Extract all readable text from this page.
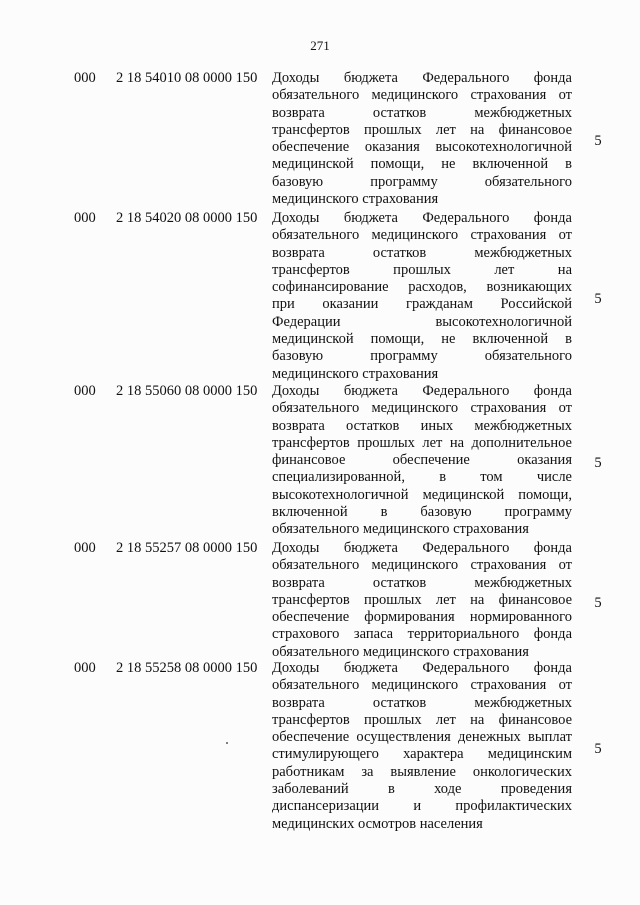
271
000 2 18 54010 08 0000 150 Доходы бюджета Федерального фонда
обязательного медицинского страхования от
возврата остатков межбюджетных
трансфертов прошлых лет на финансовое
обеспечение оказания высокотехнологичной
медицинской помощи, не включенной в
базовую программу обязательного
медицинского страхования
5
000 2 18 54020 08 0000 150 Доходы бюджета Федерального фонда
обязательного медицинского страхования от
возврата остатков межбюджетных
трансфертов прошлых лет на
софинансирование расходов, возникающих
при оказании гражданам Российской
Федерации высокотехнологичной
медицинской помощи, не включенной в
базовую программу обязательного
медицинского страхования
5
000 2 18 55060 08 0000 150 Доходы бюджета Федерального фонда
обязательного медицинского страхования от
возврата остатков иных межбюджетных
трансфертов прошлых лет на дополнительное
финансовое обеспечение оказания
специализированной, в том числе
высокотехнологичной медицинской помощи,
включенной в базовую программу
обязательного медицинского страхования
5
000 2 18 55257 08 0000 150 Доходы бюджета Федерального фонда
обязательного медицинского страхования от
возврата остатков межбюджетных
трансфертов прошлых лет на финансовое
обеспечение формирования нормированного
страхового запаса территориального фонда
обязательного медицинского страхования
5
000 2 18 55258 08 0000 150 Доходы бюджета Федерального фонда
обязательного медицинского страхования от
возврата остатков межбюджетных
трансфертов прошлых лет на финансовое
обеспечение осуществления денежных выплат
стимулирующего характера медицинским
работникам за выявление онкологических
заболеваний в ходе проведения
диспансеризации и профилактических
медицинских осмотров населения
5
